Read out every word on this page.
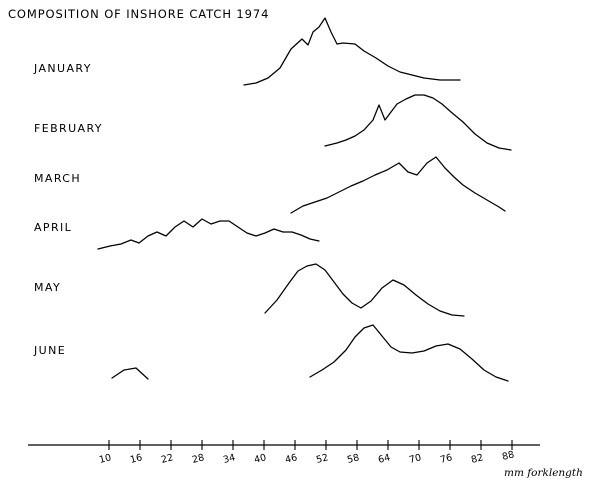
COMPOSITION OF INSHORE CATCH 1974
JANUARY
FEBRUARY
MARCH
APRIL
MAY
JUNE
10 16 22 28 34 40 46 52 58 64 70 76 82 88
mm forklength
